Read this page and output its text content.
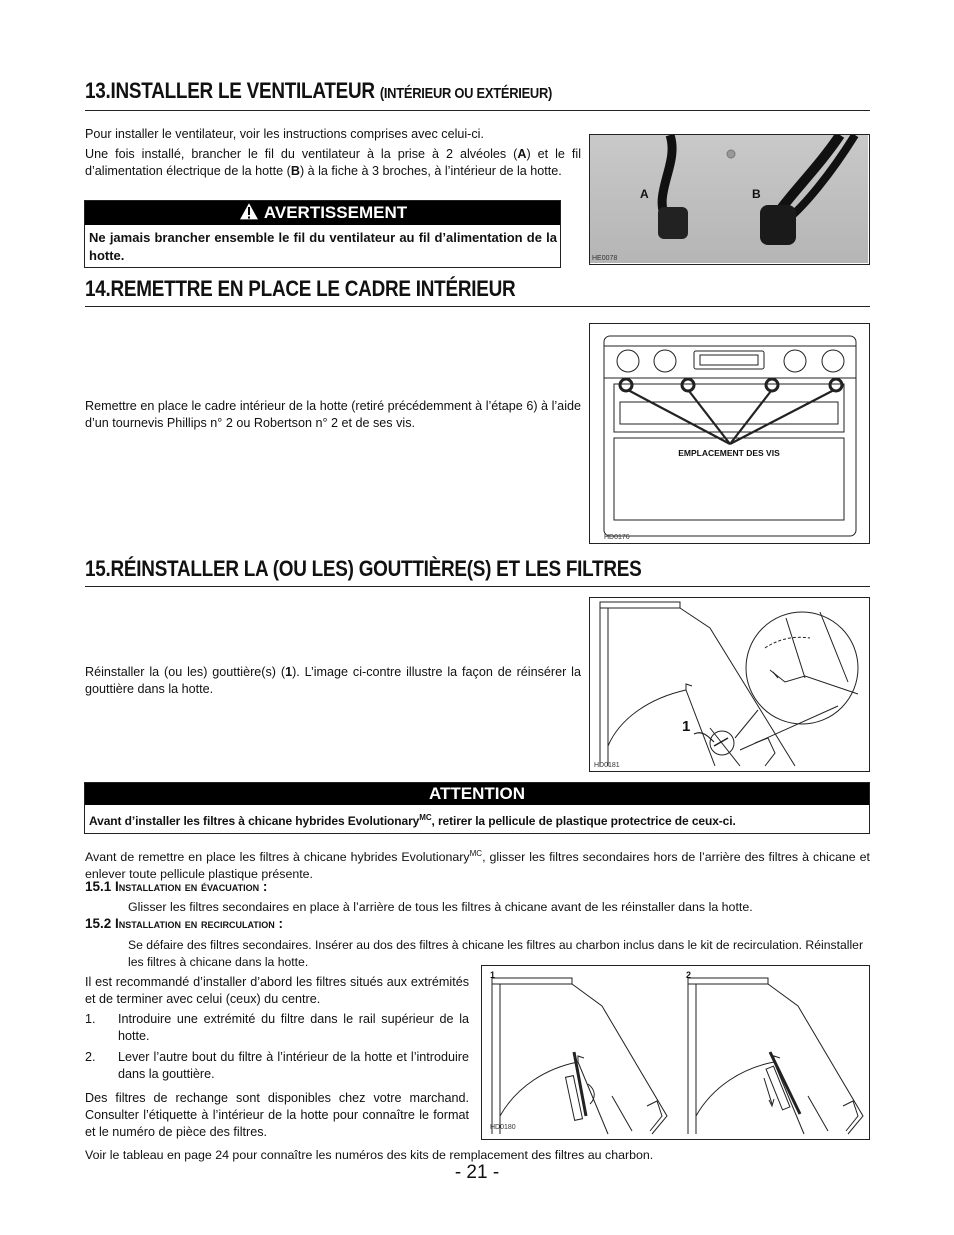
13.INSTALLER LE VENTILATEUR (INTÉRIEUR OU EXTÉRIEUR)
Pour installer le ventilateur, voir les instructions comprises avec celui-ci.
Une fois installé, brancher le fil du ventilateur à la prise à 2 alvéoles (A) et le fil d’alimentation électrique de la hotte (B) à la fiche à 3 broches, à l’intérieur de la hotte.
AVERTISSEMENT
Ne jamais brancher ensemble le fil du ventilateur au fil d’alimentation de la hotte.
A	B
HE0078
14.REMETTRE EN PLACE LE CADRE INTÉRIEUR
Remettre en place le cadre intérieur de la hotte (retiré précédemment à l’étape 6) à l’aide d’un tournevis Phillips n° 2 ou Robertson n° 2 et de ses vis.
EMPLACEMENT DES VIS
HD0176
15.RÉINSTALLER LA (OU LES) GOUTTIÈRE(S) ET LES FILTRES
Réinstaller la (ou les) gouttière(s) (1). L’image ci-contre illustre la façon de réinsérer la gouttière dans la hotte.
1
HD0181
ATTENTION
Avant d’installer les filtres à chicane hybrides Evolutionary$^{MC}$, retirer la pellicule de plastique protectrice de ceux-ci.
Avant de remettre en place les filtres à chicane hybrides Evolutionary$^{MC}$, glisser les filtres secondaires hors de l’arrière des filtres à chicane et enlever toute pellicule plastique présente.
15.1 Installation en évacuation :
Glisser les filtres secondaires en place à l’arrière de tous les filtres à chicane avant de les réinstaller dans la hotte.
15.2 Installation en recirculation :
Se défaire des filtres secondaires. Insérer au dos des filtres à chicane les filtres au charbon inclus dans le kit de recirculation. Réinstaller les filtres à chicane dans la hotte.
Il est recommandé d’installer d’abord les filtres situés aux extrémités et de terminer avec celui (ceux) du centre.
1.	Introduire une extrémité du filtre dans le rail supérieur de la hotte.
2.	Lever l’autre bout du filtre à l’intérieur de la hotte et l’introduire dans la gouttière.
Des filtres de rechange sont disponibles chez votre marchand. Consulter l’étiquette à l’intérieur de la hotte pour connaître le format et le numéro de pièce des filtres.
1	2
HD0180
Voir le tableau en page 24 pour connaître les numéros des kits de remplacement des filtres au charbon.
- 21 -
